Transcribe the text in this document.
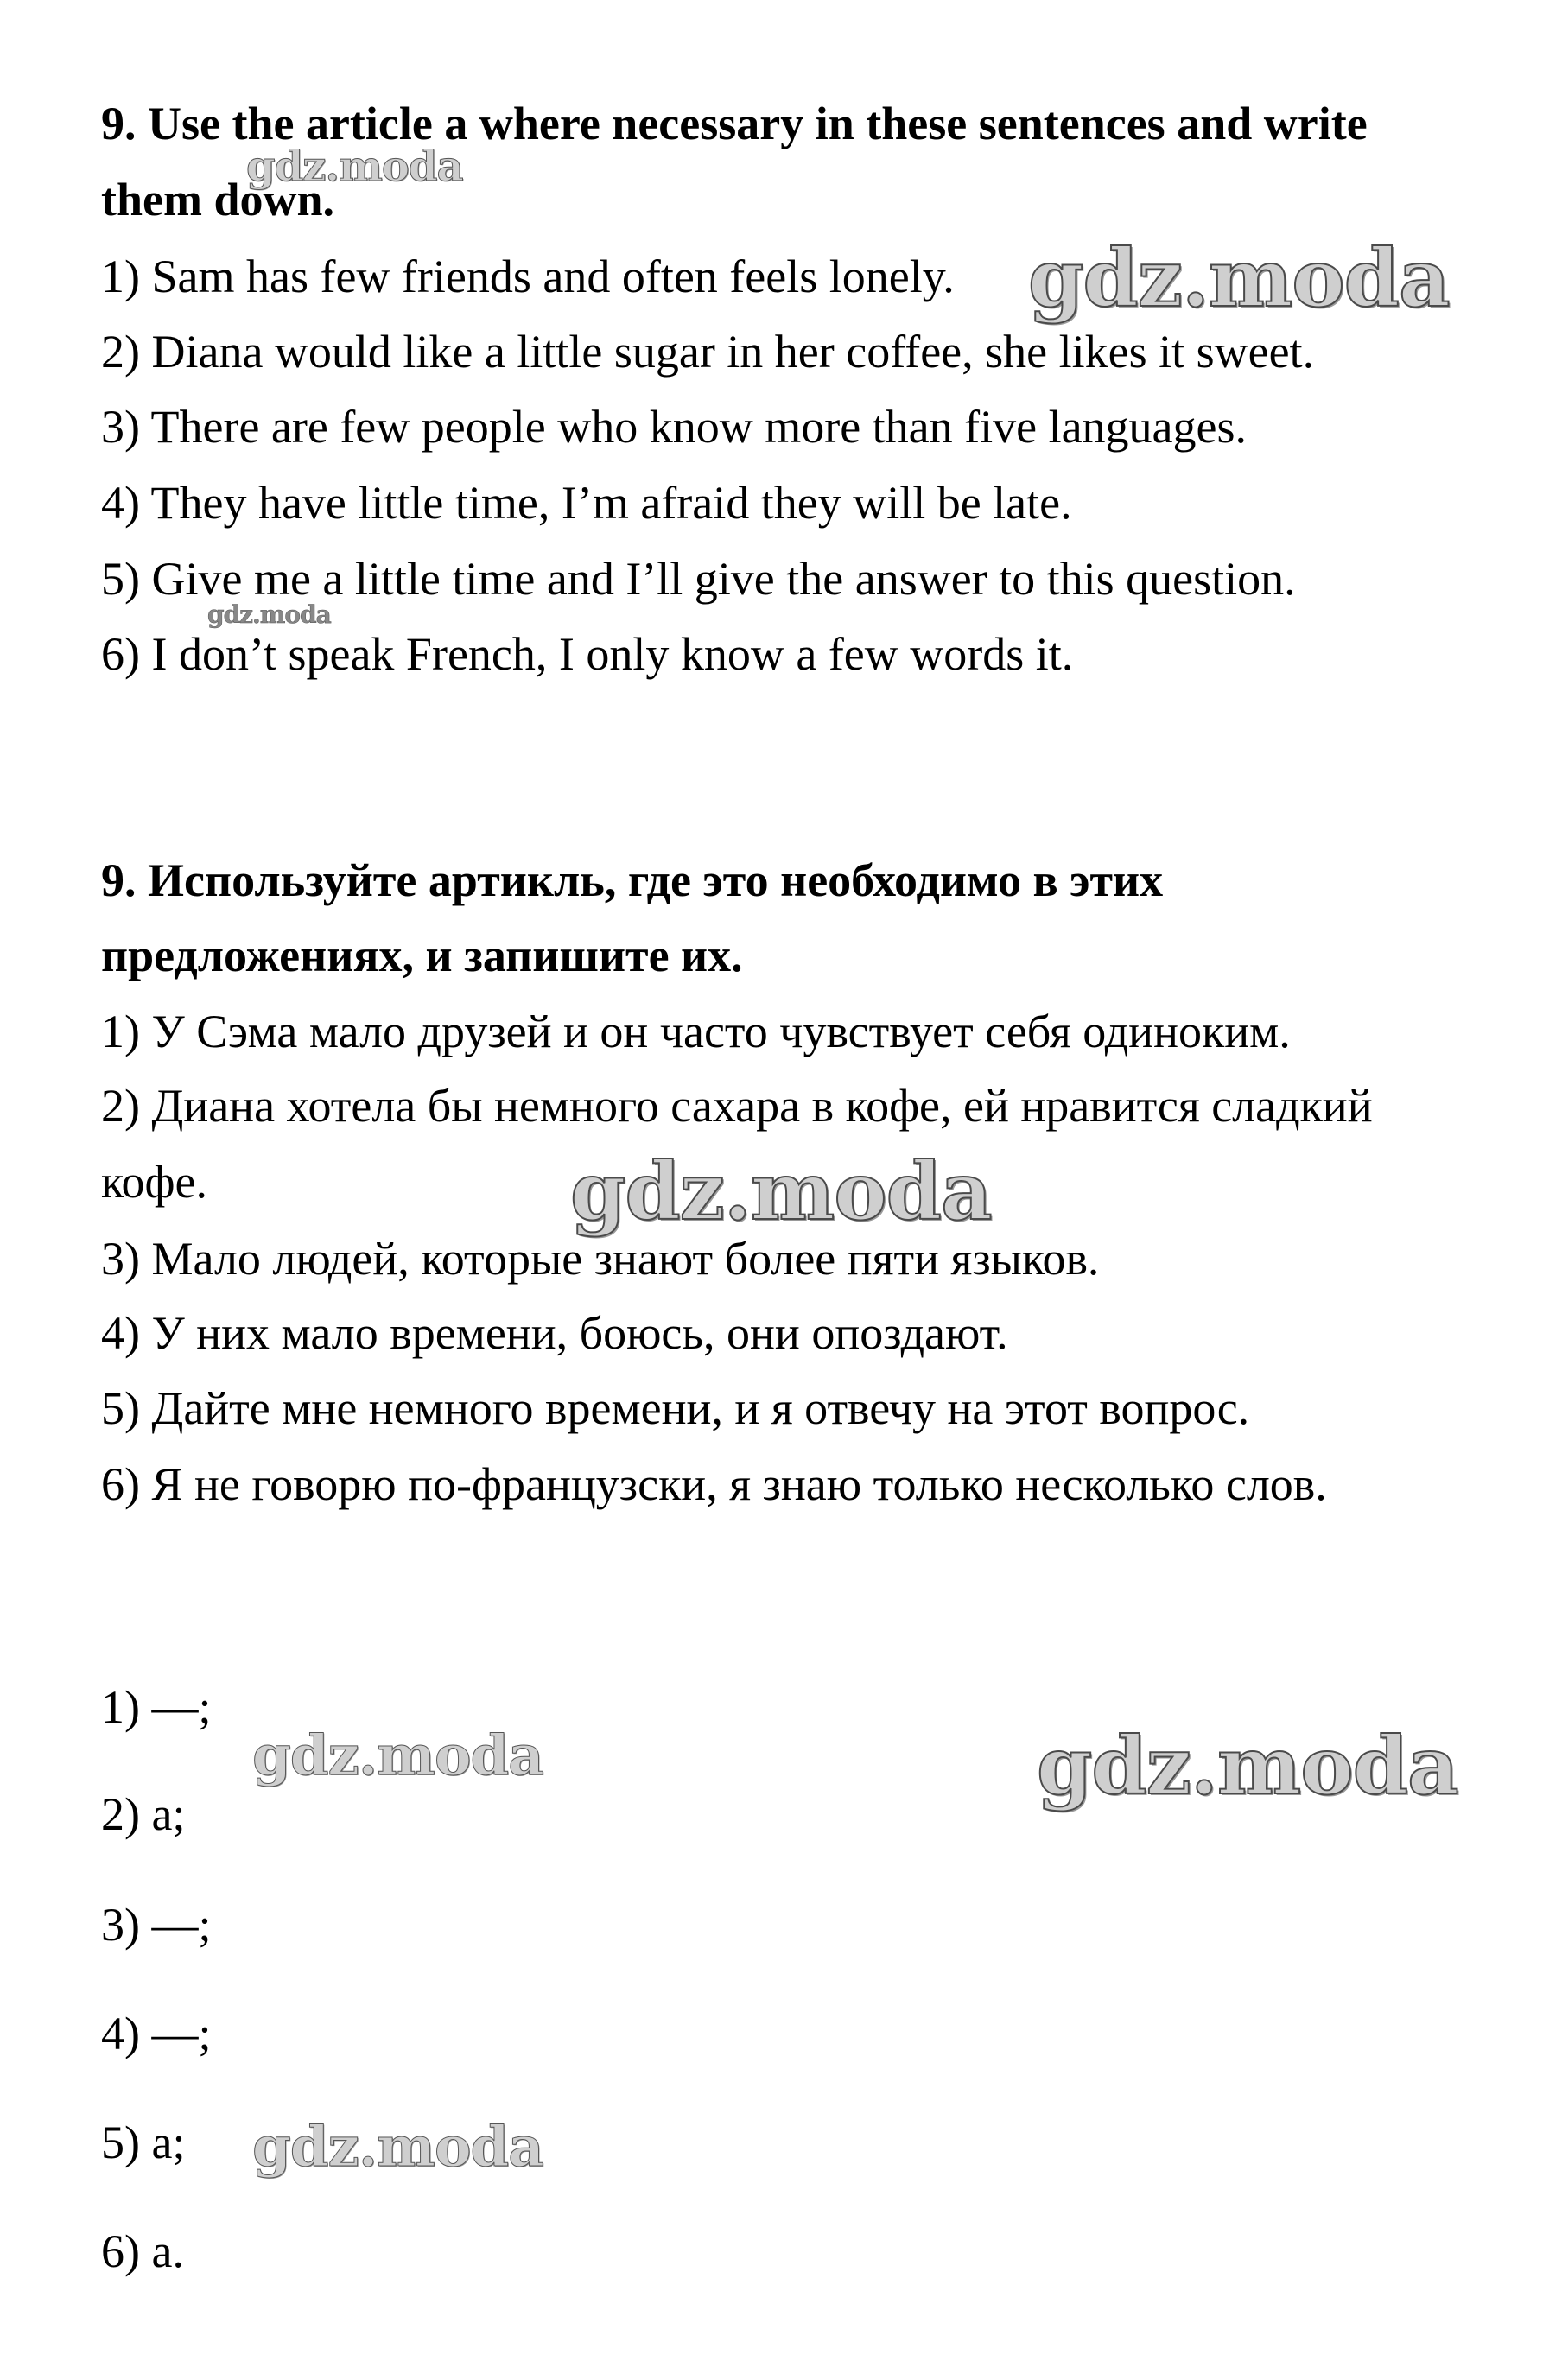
9. Use the article a where necessary in these sentences and write
them down.
1) Sam has few friends and often feels lonely.
2) Diana would like a little sugar in her coffee, she likes it sweet.
3) There are few people who know more than five languages.
4) They have little time, I’m afraid they will be late.
5) Give me a little time and I’ll give the answer to this question.
6) I don’t speak French, I only know a few words it.
9. Используйте артикль, где это необходимо в этих
предложениях, и запишите их.
1) У Сэма мало друзей и он часто чувствует себя одиноким.
2) Диана хотела бы немного сахара в кофе, ей нравится сладкий
кофе.
3) Мало людей, которые знают более пяти языков.
4) У них мало времени, боюсь, они опоздают.
5) Дайте мне немного времени, и я отвечу на этот вопрос.
6) Я не говорю по-французски, я знаю только несколько слов.
1) —;
2) a;
3) —;
4) —;
5) a;
6) a.
gdz.moda
gdz.moda
gdz.moda
gdz.moda
gdz.moda	gdz.moda
gdz.moda
